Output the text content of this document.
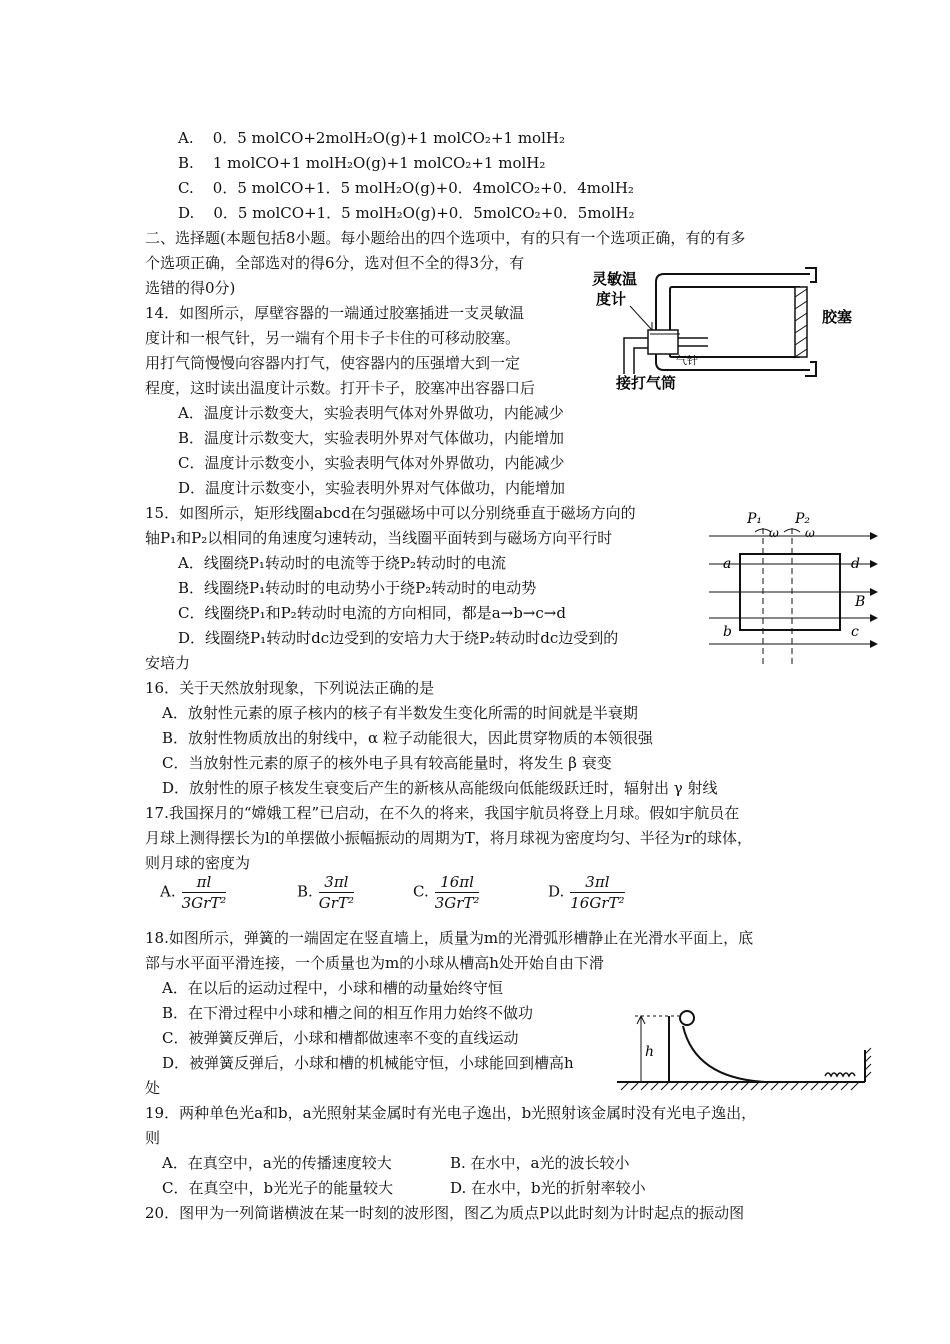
A. 0．5 molCO+2molH₂O(g)+1 molCO₂+1 molH₂
B. 1 molCO+1 molH₂O(g)+1 molCO₂+1 molH₂
C. 0．5 molCO+1．5 molH₂O(g)+0．4molCO₂+0．4molH₂
D. 0．5 molCO+1．5 molH₂O(g)+0．5molCO₂+0．5molH₂
二、选择题(本题包括8小题。每小题给出的四个选项中，有的只有一个选项正确，有的有多
个选项正确，全部选对的得6分，选对但不全的得3分，有
选错的得0分)
14．如图所示，厚壁容器的一端通过胶塞插进一支灵敏温
度计和一根气针，另一端有个用卡子卡住的可移动胶塞。
用打气筒慢慢向容器内打气，使容器内的压强增大到一定
程度，这时读出温度计示数。打开卡子，胶塞冲出容器口后
A．温度计示数变大，实验表明气体对外界做功，内能减少
B．温度计示数变大，实验表明外界对气体做功，内能增加
C．温度计示数变小，实验表明气体对外界做功，内能减少
D．温度计示数变小，实验表明外界对气体做功，内能增加
灵敏温
度计
胶塞
气针
接打气筒
15．如图所示，矩形线圈abcd在匀强磁场中可以分别绕垂直于磁场方向的
轴P₁和P₂以相同的角速度匀速转动，当线圈平面转到与磁场方向平行时
A．线圈绕P₁转动时的电流等于绕P₂转动时的电流
B．线圈绕P₁转动时的电动势小于绕P₂转动时的电动势
C．线圈绕P₁和P₂转动时电流的方向相同，都是a→b→c→d
D．线圈绕P₁转动时dc边受到的安培力大于绕P₂转动时dc边受到的
安培力
P₁ P₂
ω ω
a
b	c
d
B
16．关于天然放射现象，下列说法正确的是
A．放射性元素的原子核内的核子有半数发生变化所需的时间就是半衰期
B．放射性物质放出的射线中，α 粒子动能很大，因此贯穿物质的本领很强
C．当放射性元素的原子的核外电子具有较高能量时，将发生 β 衰变
D．放射性的原子核发生衰变后产生的新核从高能级向低能级跃迁时，辐射出 γ 射线
17.我国探月的“嫦娥工程”已启动，在不久的将来，我国宇航员将登上月球。假如宇航员在
月球上测得摆长为l的单摆做小振幅振动的周期为T，将月球视为密度均匀、半径为r的球体，
则月球的密度为
A. $\frac{\pi l}{\text{3GrT²}}$	B. $\frac{3\pi l}{\text{GrT²}}$	C. $\frac{16\pi l}{\text{3GrT²}}$	D. $\frac{3\pi l}{\text{16GrT²}}$
18.如图所示，弹簧的一端固定在竖直墙上，质量为m的光滑弧形槽静止在光滑水平面上，底
部与水平面平滑连接，一个质量也为m的小球从槽高h处开始自由下滑
A．在以后的运动过程中，小球和槽的动量始终守恒
B．在下滑过程中小球和槽之间的相互作用力始终不做功
C．被弹簧反弹后，小球和槽都做速率不变的直线运动
D．被弹簧反弹后，小球和槽的机械能守恒，小球能回到槽高h
处
h
19．两种单色光a和b，a光照射某金属时有光电子逸出，b光照射该金属时没有光电子逸出，
则
A．在真空中，a光的传播速度较大	B. 在水中，a光的波长较小
C．在真空中，b光光子的能量较大	D. 在水中，b光的折射率较小
20．图甲为一列简谐横波在某一时刻的波形图，图乙为质点P以此时刻为计时起点的振动图
